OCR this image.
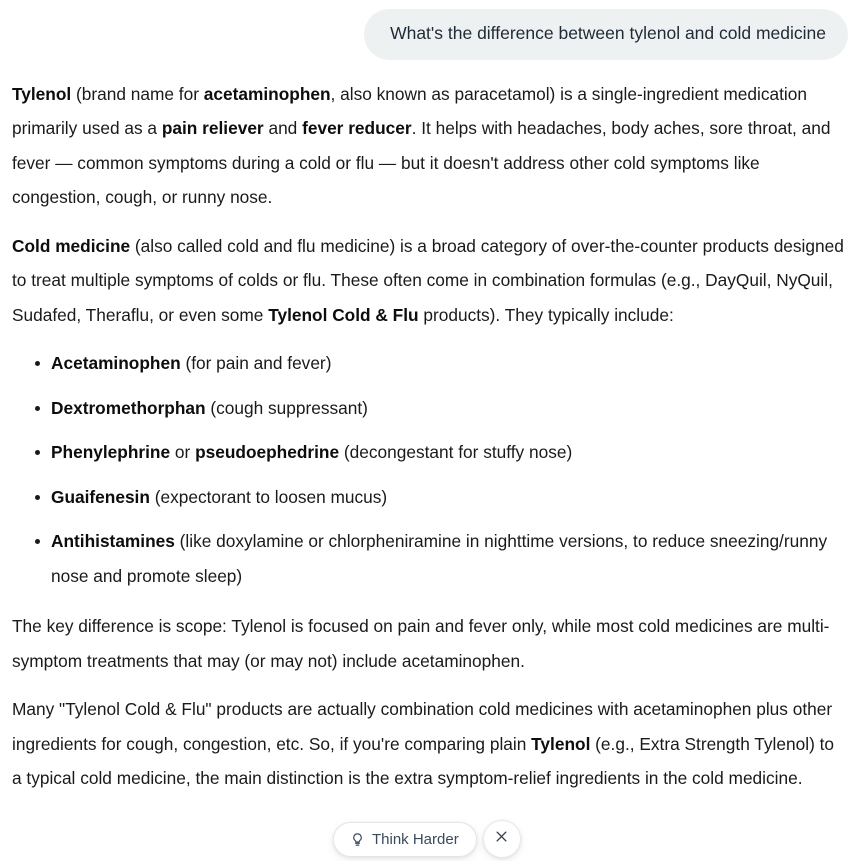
What's the difference between tylenol and cold medicine

Tylenol (brand name for acetaminophen, also known as paracetamol) is a single-ingredient medication primarily used as a pain reliever and fever reducer. It helps with headaches, body aches, sore throat, and fever — common symptoms during a cold or flu — but it doesn't address other cold symptoms like congestion, cough, or runny nose.

Cold medicine (also called cold and flu medicine) is a broad category of over-the-counter products designed to treat multiple symptoms of colds or flu. These often come in combination formulas (e.g., DayQuil, NyQuil, Sudafed, Theraflu, or even some Tylenol Cold & Flu products). They typically include:

Acetaminophen (for pain and fever)
Dextromethorphan (cough suppressant)
Phenylephrine or pseudoephedrine (decongestant for stuffy nose)
Guaifenesin (expectorant to loosen mucus)
Antihistamines (like doxylamine or chlorpheniramine in nighttime versions, to reduce sneezing/runny nose and promote sleep)

The key difference is scope: Tylenol is focused on pain and fever only, while most cold medicines are multi-symptom treatments that may (or may not) include acetaminophen.

Many "Tylenol Cold & Flu" products are actually combination cold medicines with acetaminophen plus other ingredients for cough, congestion, etc. So, if you're comparing plain Tylenol (e.g., Extra Strength Tylenol) to a typical cold medicine, the main distinction is the extra symptom-relief ingredients in the cold medicine.

Think Harder
